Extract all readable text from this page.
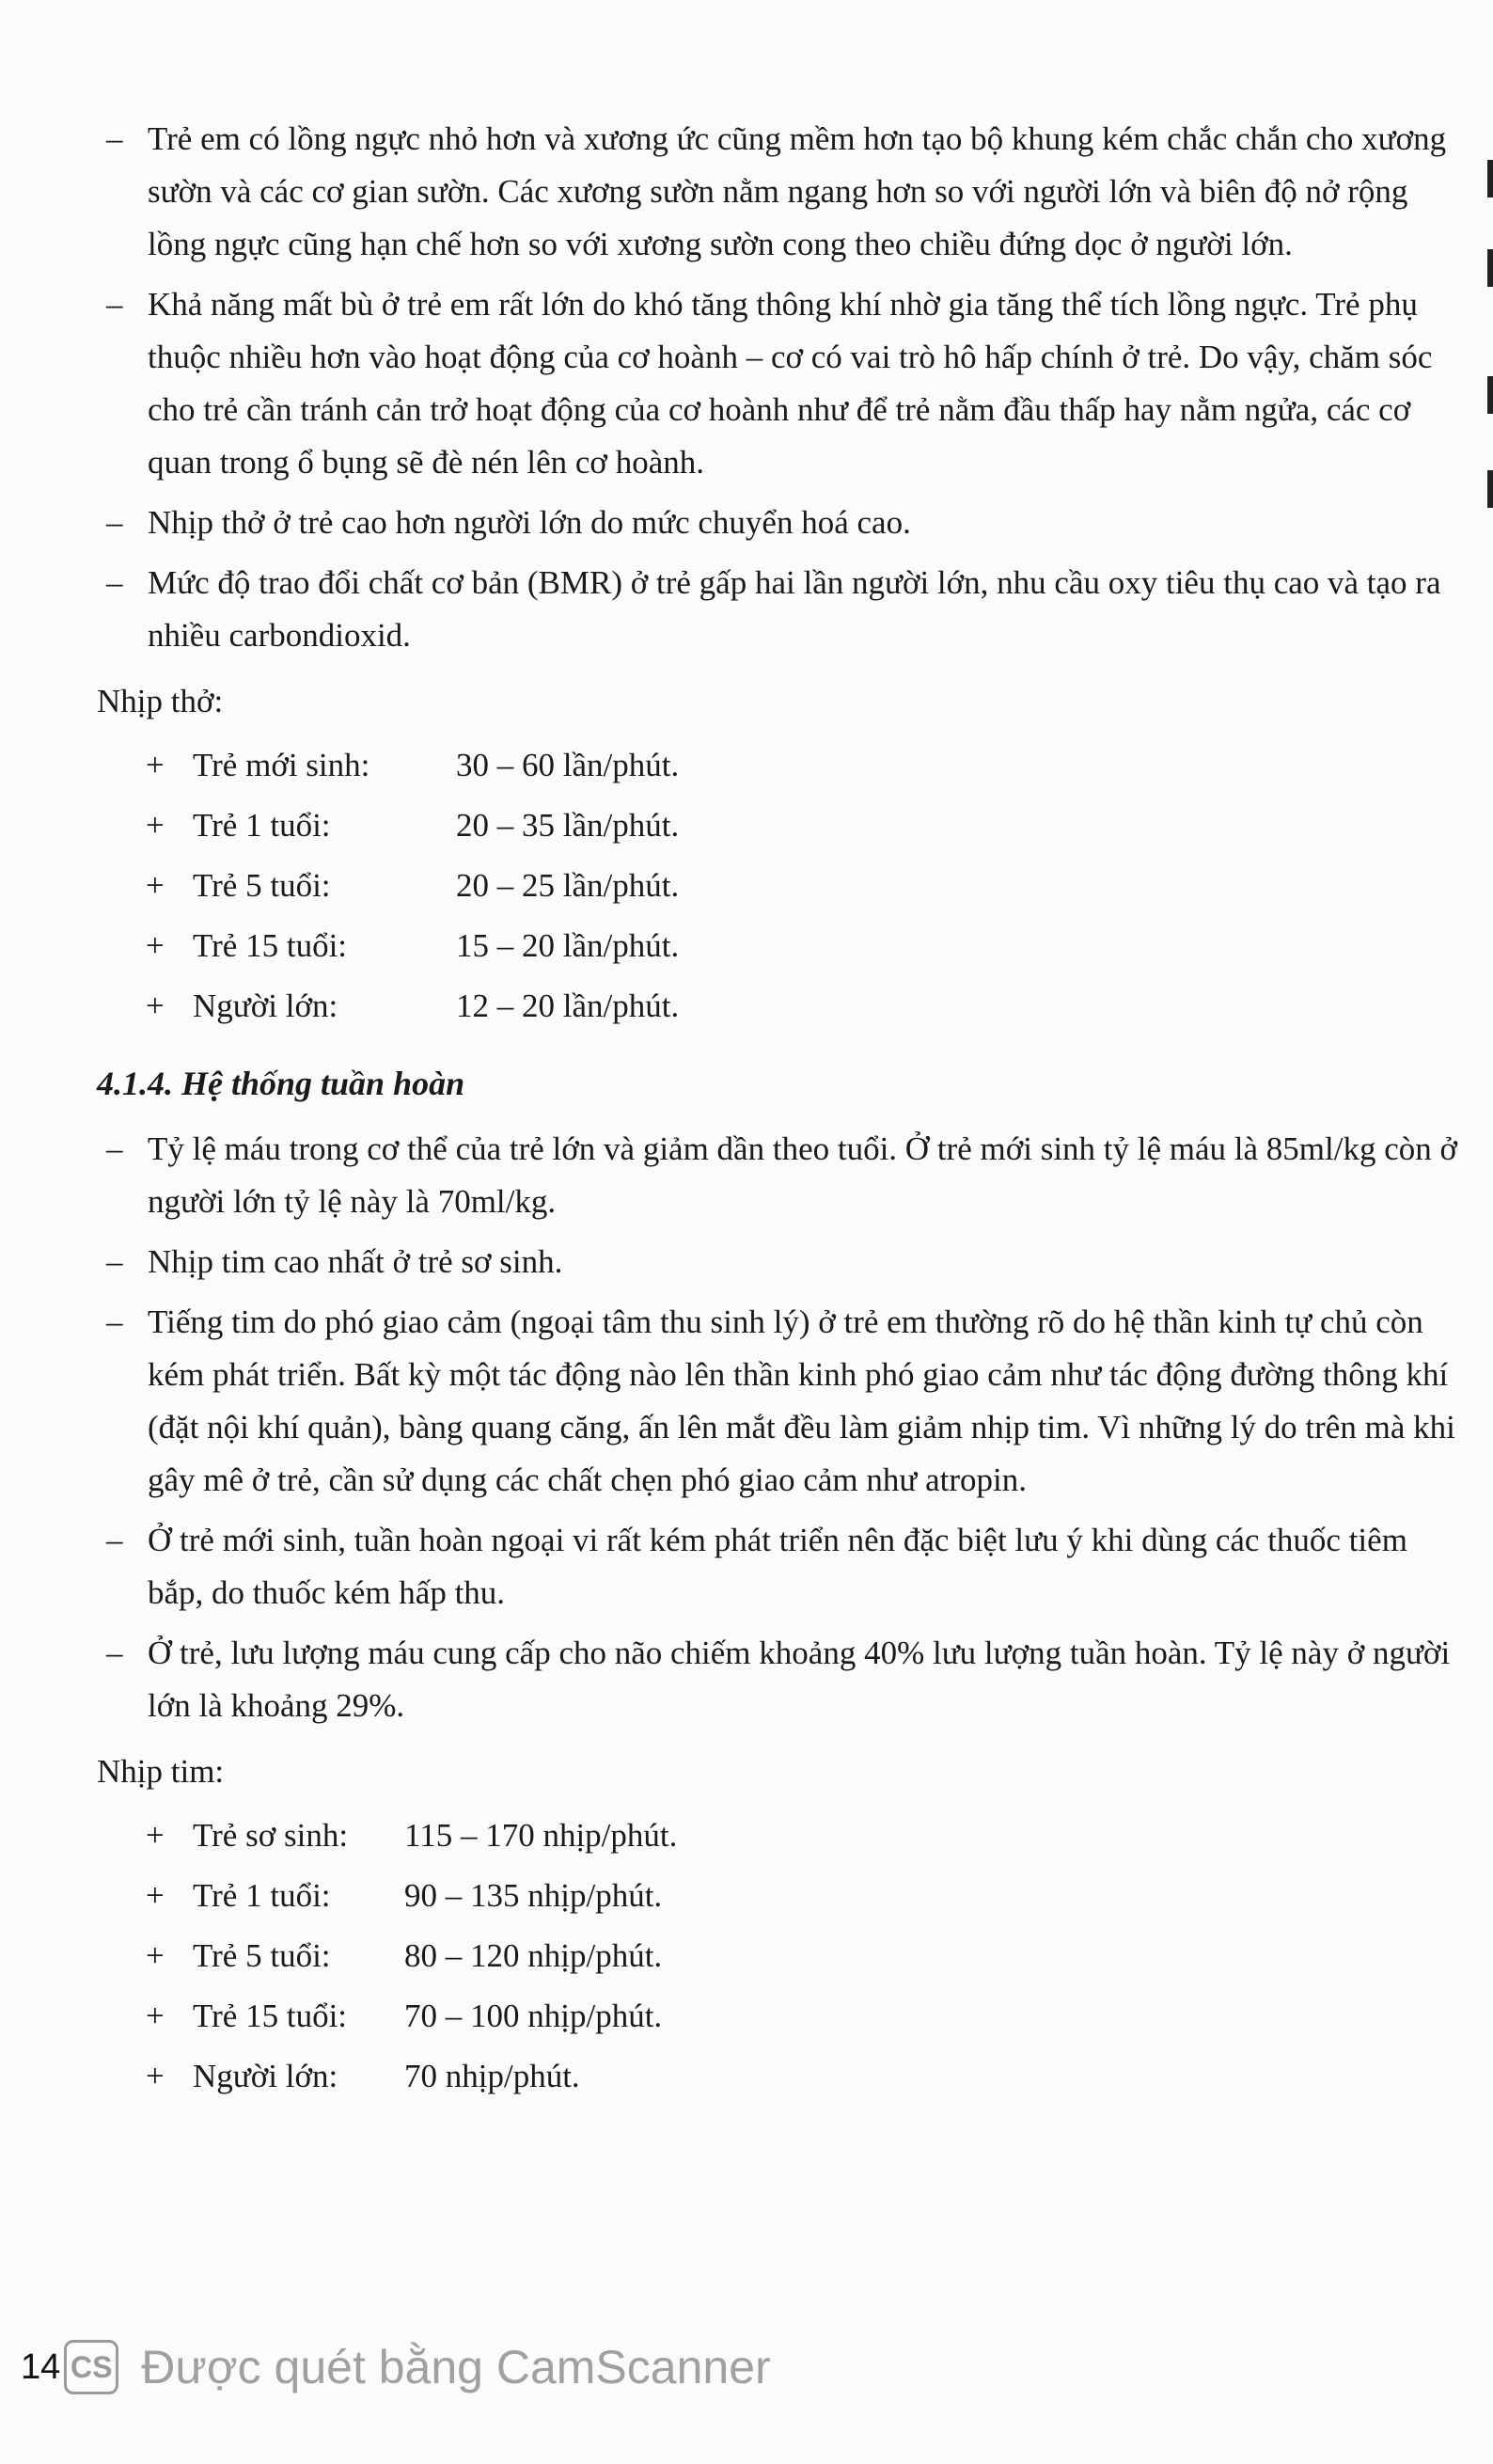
– Trẻ em có lồng ngực nhỏ hơn và xương ức cũng mềm hơn tạo bộ khung kém chắc chắn cho xương sườn và các cơ gian sườn. Các xương sườn nằm ngang hơn so với người lớn và biên độ nở rộng lồng ngực cũng hạn chế hơn so với xương sườn cong theo chiều đứng dọc ở người lớn.
– Khả năng mất bù ở trẻ em rất lớn do khó tăng thông khí nhờ gia tăng thể tích lồng ngực. Trẻ phụ thuộc nhiều hơn vào hoạt động của cơ hoành – cơ có vai trò hô hấp chính ở trẻ. Do vậy, chăm sóc cho trẻ cần tránh cản trở hoạt động của cơ hoành như để trẻ nằm đầu thấp hay nằm ngửa, các cơ quan trong ổ bụng sẽ đè nén lên cơ hoành.
– Nhịp thở ở trẻ cao hơn người lớn do mức chuyển hoá cao.
– Mức độ trao đổi chất cơ bản (BMR) ở trẻ gấp hai lần người lớn, nhu cầu oxy tiêu thụ cao và tạo ra nhiều carbondioxid.
Nhịp thở:
+ Trẻ mới sinh:	30 – 60 lần/phút.
+ Trẻ 1 tuổi:	20 – 35 lần/phút.
+ Trẻ 5 tuổi:	20 – 25 lần/phút.
+ Trẻ 15 tuổi:	15 – 20 lần/phút.
+ Người lớn:	12 – 20 lần/phút.
4.1.4. Hệ thống tuần hoàn
– Tỷ lệ máu trong cơ thể của trẻ lớn và giảm dần theo tuổi. Ở trẻ mới sinh tỷ lệ máu là 85ml/kg còn ở người lớn tỷ lệ này là 70ml/kg.
– Nhịp tim cao nhất ở trẻ sơ sinh.
– Tiếng tim do phó giao cảm (ngoại tâm thu sinh lý) ở trẻ em thường rõ do hệ thần kinh tự chủ còn kém phát triển. Bất kỳ một tác động nào lên thần kinh phó giao cảm như tác động đường thông khí (đặt nội khí quản), bàng quang căng, ấn lên mắt đều làm giảm nhịp tim. Vì những lý do trên mà khi gây mê ở trẻ, cần sử dụng các chất chẹn phó giao cảm như atropin.
– Ở trẻ mới sinh, tuần hoàn ngoại vi rất kém phát triển nên đặc biệt lưu ý khi dùng các thuốc tiêm bắp, do thuốc kém hấp thu.
– Ở trẻ, lưu lượng máu cung cấp cho não chiếm khoảng 40% lưu lượng tuần hoàn. Tỷ lệ này ở người lớn là khoảng 29%.
Nhịp tim:
+ Trẻ sơ sinh:	115 – 170 nhịp/phút.
+ Trẻ 1 tuổi:	90 – 135 nhịp/phút.
+ Trẻ 5 tuổi:	80 – 120 nhịp/phút.
+ Trẻ 15 tuổi:	70 – 100 nhịp/phút.
+ Người lớn:	70 nhịp/phút.
14 CS Được quét bằng CamScanner
